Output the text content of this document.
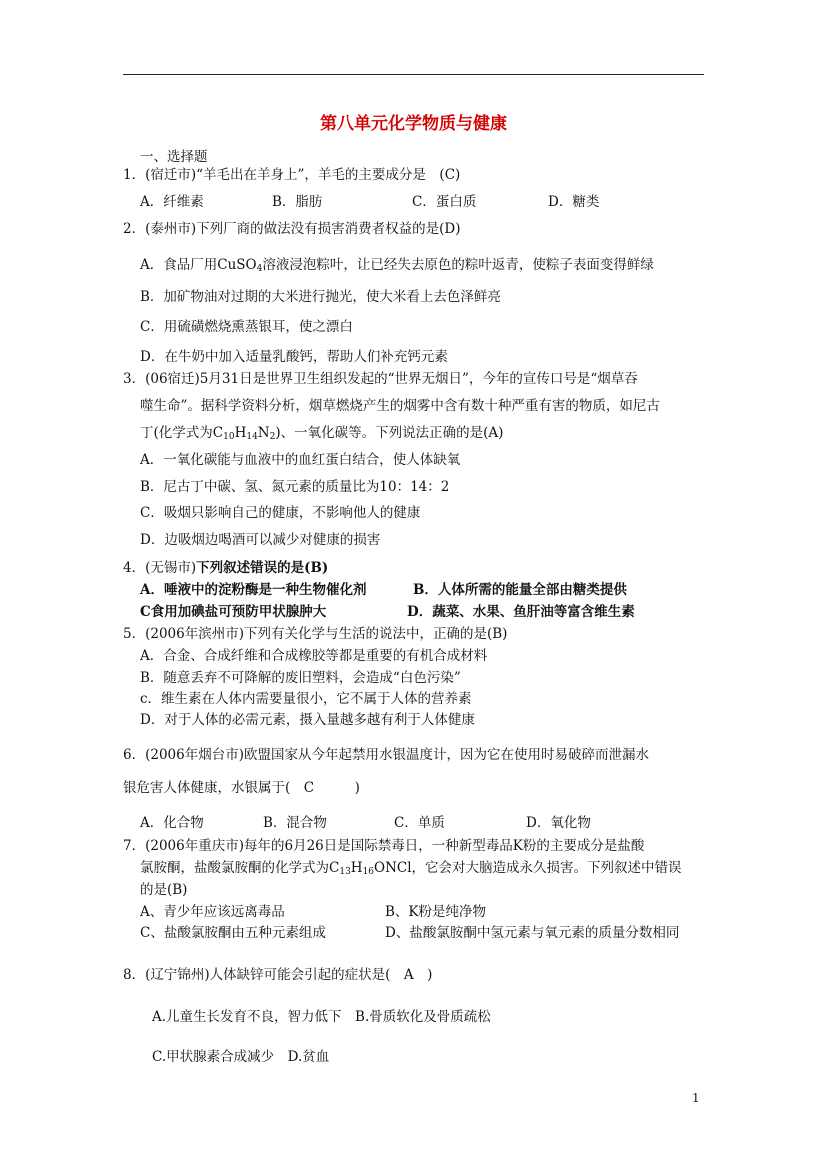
第八单元化学物质与健康
一、选择题
1．(宿迁市)“羊毛出在羊身上”，羊毛的主要成分是　(C)
A．纤维素	B．脂肪	C．蛋白质	D．糖类
2．(泰州市)下列厂商的做法没有损害消费者权益的是(D)
A．食品厂用CuSO$_4$溶液浸泡粽叶，让已经失去原色的粽叶返青，使粽子表面变得鲜绿
B．加矿物油对过期的大米进行抛光，使大米看上去色泽鲜亮
C．用硫磺燃烧熏蒸银耳，使之漂白
D．在牛奶中加入适量乳酸钙，帮助人们补充钙元素
3．(06宿迁)5月31日是世界卫生组织发起的“世界无烟日”，今年的宣传口号是“烟草吞
噬生命”。据科学资料分析，烟草燃烧产生的烟雾中含有数十种严重有害的物质，如尼古
丁(化学式为$C_{10}H_{14}N_2$)、一氧化碳等。下列说法正确的是(A)
A．一氧化碳能与血液中的血红蛋白结合，使人体缺氧
B．尼古丁中碳、氢、氮元素的质量比为10：14：2
C．吸烟只影响自己的健康，不影响他人的健康
D．边吸烟边喝酒可以减少对健康的损害
4．(无锡市)下列叙述错误的是(B)
A．唾液中的淀粉酶是一种生物催化剂	B．人体所需的能量全部由糖类提供
C食用加碘盐可预防甲状腺肿大	D．蔬菜、水果、鱼肝油等富含维生素
5．(2006年滨州市)下列有关化学与生活的说法中，正确的是(B)
A．合金、合成纤维和合成橡胶等都是重要的有机合成材料
B．随意丢弃不可降解的废旧塑料，会造成“白色污染”
c．维生素在人体内需要量很小，它不属于人体的营养素
D．对于人体的必需元素，摄入量越多越有利于人体健康
6．(2006年烟台市)欧盟国家从今年起禁用水银温度计，因为它在使用时易破碎而泄漏水
银危害人体健康，水银属于(　C　　　)
A．化合物	B．混合物	C．单质	D．氧化物
7．(2006年重庆市)每年的6月26日是国际禁毒日，一种新型毒品K粉的主要成分是盐酸
氯胺酮，盐酸氯胺酮的化学式为$C_{13}H_{16}ONCl$，它会对大脑造成永久损害。下列叙述中错误
的是(B)
A、青少年应该远离毒品	B、K粉是纯净物
C、盐酸氯胺酮由五种元素组成	D、盐酸氯胺酮中氢元素与氧元素的质量分数相同
8．(辽宁锦州)人体缺锌可能会引起的症状是(　A　)
A.儿童生长发育不良，智力低下　B.骨质软化及骨质疏松
C.甲状腺素合成减少　D.贫血
1
